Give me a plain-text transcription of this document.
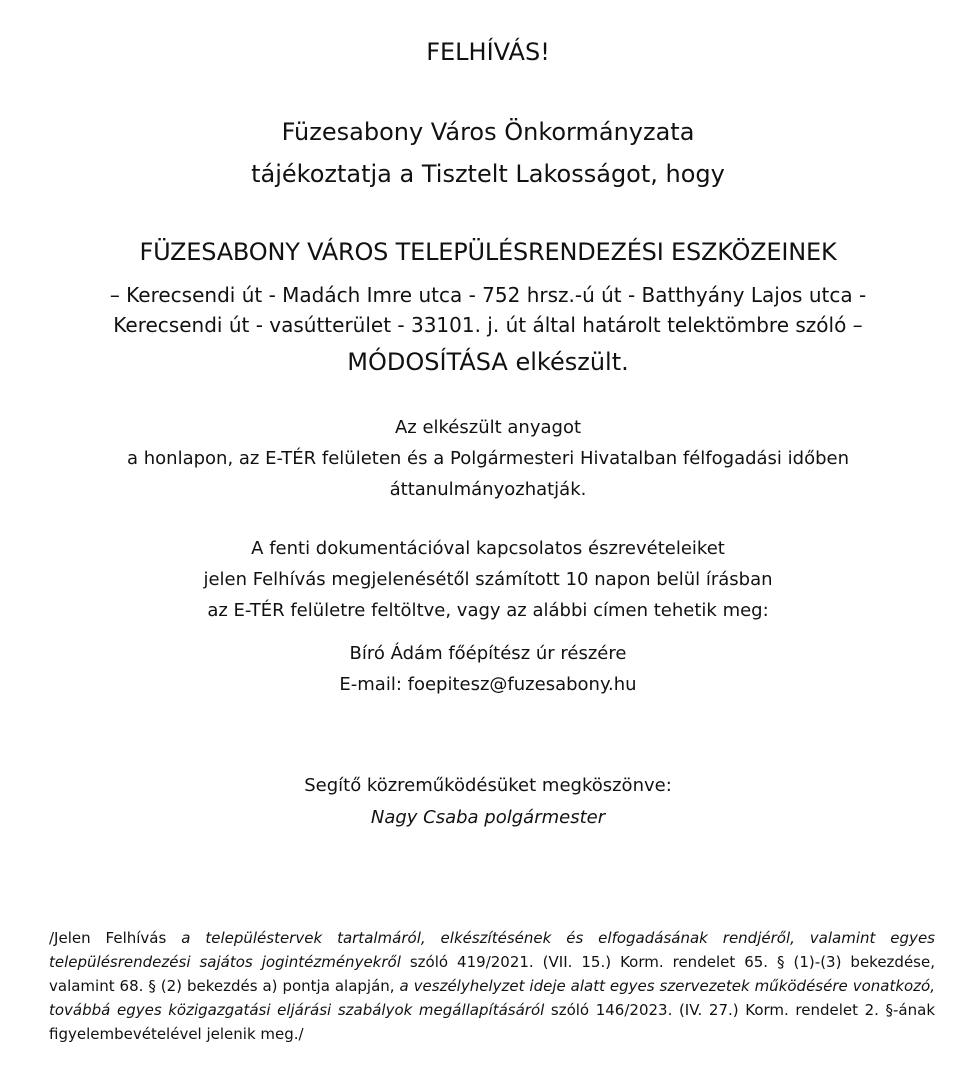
FELHÍVÁS!
Füzesabony Város Önkormányzata
tájékoztatja a Tisztelt Lakosságot, hogy
FÜZESABONY VÁROS TELEPÜLÉSRENDEZÉSI ESZKÖZEINEK
– Kerecsendi út - Madách Imre utca - 752 hrsz.-ú út - Batthyány Lajos utca -
Kerecsendi út - vasútterület - 33101. j. út által határolt telektömbre szóló –
MÓDOSÍTÁSA elkészült.
Az elkészült anyagot
a honlapon, az E-TÉR felületen és a Polgármesteri Hivatalban félfogadási időben
áttanulmányozhatják.
A fenti dokumentációval kapcsolatos észrevételeiket
jelen Felhívás megjelenésétől számított 10 napon belül írásban
az E-TÉR felületre feltöltve, vagy az alábbi címen tehetik meg:
Bíró Ádám főépítész úr részére
E-mail: foepitesz@fuzesabony.hu
Segítő közreműködésüket megköszönve:
Nagy Csaba polgármester
/Jelen Felhívás a településtervek tartalmáról, elkészítésének és elfogadásának rendjéről, valamint egyes településrendezési sajátos jogintézményekről szóló 419/2021. (VII. 15.) Korm. rendelet 65. § (1)-(3) bekezdése, valamint 68. § (2) bekezdés a) pontja alapján, a veszélyhelyzet ideje alatt egyes szervezetek működésére vonatkozó, továbbá egyes közigazgatási eljárási szabályok megállapításáról szóló 146/2023. (IV. 27.) Korm. rendelet 2. §-ának figyelembevételével jelenik meg./
